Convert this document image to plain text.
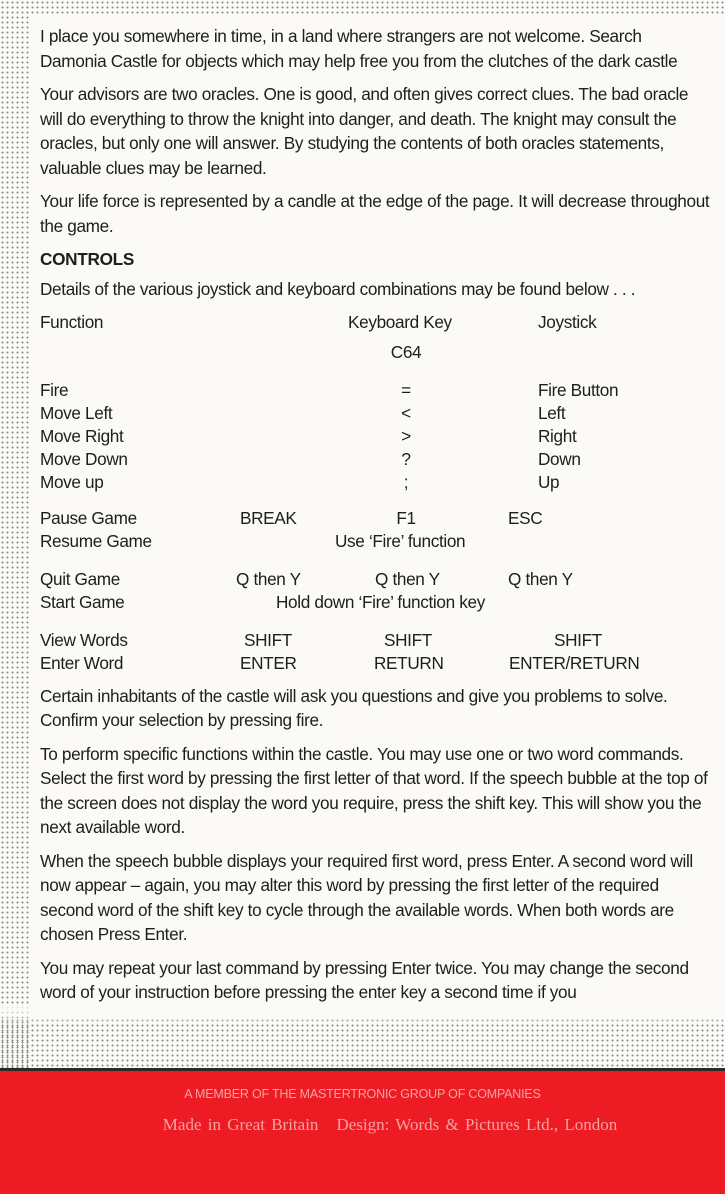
I place you somewhere in time, in a land where strangers are not welcome. Search Damonia Castle for objects which may help free you from the clutches of the dark castle

Your advisors are two oracles. One is good, and often gives correct clues. The bad oracle will do everything to throw the knight into danger, and death. The knight may consult the oracles, but only one will answer. By studying the contents of both oracles statements, valuable clues may be learned.

Your life force is represented by a candle at the edge of the page. It will decrease throughout the game.

CONTROLS

Details of the various joystick and keyboard combinations may be found below . . .

Function	Keyboard Key	Joystick
C64
Fire	=	Fire Button
Move Left	<	Left
Move Right	>	Right
Move Down	?	Down
Move up	;	Up
Pause Game	BREAK	F1	ESC
Resume Game	Use ‘Fire’ function
Quit Game	Q then Y	Q then Y	Q then Y
Start Game	Hold down ‘Fire’ function key
View Words	SHIFT	SHIFT	SHIFT
Enter Word	ENTER	RETURN	ENTER/RETURN

Certain inhabitants of the castle will ask you questions and give you problems to solve. Confirm your selection by pressing fire.

To perform specific functions within the castle. You may use one or two word commands. Select the first word by pressing the first letter of that word. If the speech bubble at the top of the screen does not display the word you require, press the shift key. This will show you the next available word.

When the speech bubble displays your required first word, press Enter. A second word will now appear – again, you may alter this word by pressing the first letter of the required second word of the shift key to cycle through the available words. When both words are chosen Press Enter.

You may repeat your last command by pressing Enter twice. You may change the second word of your instruction before pressing the enter key a second time if you

A MEMBER OF THE MASTERTRONIC GROUP OF COMPANIES
Made in Great Britain Design: Words & Pictures Ltd., London
